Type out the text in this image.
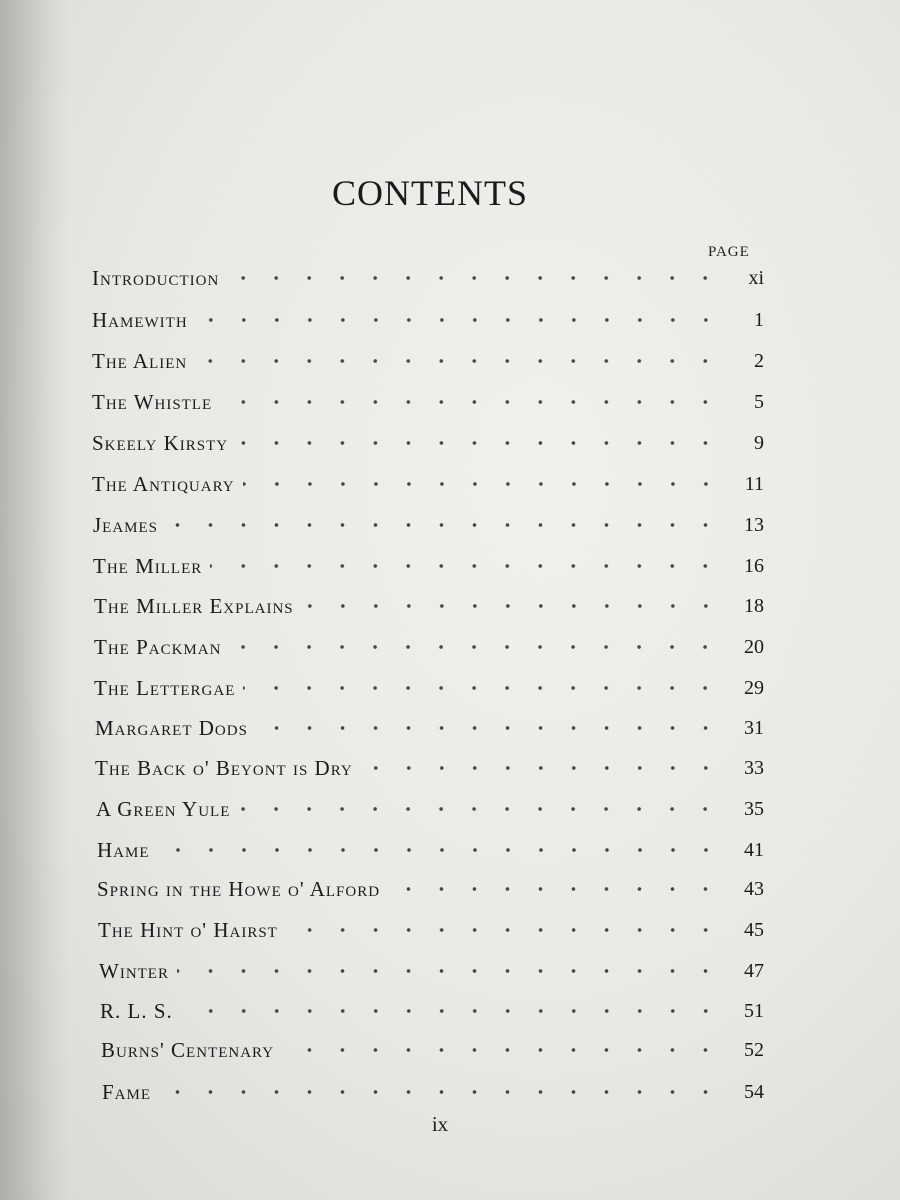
CONTENTS
PAGE
Introduction	xi
Hamewith	1
The Alien	2
The Whistle	5
Skeely Kirsty	9
The Antiquary	11
Jeames	13
The Miller	16
The Miller Explains	18
The Packman	20
The Lettergae	29
Margaret Dods	31
The Back o' Beyont is Dry	33
A Green Yule	35
Hame	41
Spring in the Howe o' Alford	43
The Hint o' Hairst	45
Winter	47
R. L. S.	51
Burns' Centenary	52
Fame	54
ix
